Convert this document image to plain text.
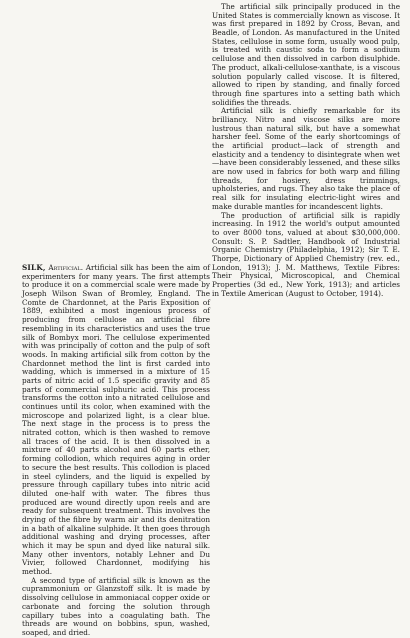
SILK, Artificial. Artificial silk has been the aim of experimenters for many years. The first attempts to produce it on a commercial scale were made by Joseph Wilson Swan of Bromley, England. The Comte de Chardonnet, at the Paris Exposition of 1889, exhibited a most ingenious process of producing from cellulose an artificial fibre resembling in its characteristics and uses the true silk of Bombyx mori. The cellulose experimented with was principally of cotton and the pulp of soft woods. In making artificial silk from cotton by the Chardonnet method the lint is first carded into wadding, which is immersed in a mixture of 15 parts of nitric acid of 1.5 specific gravity and 85 parts of commercial sulphuric acid. This process transforms the cotton into a nitrated cellulose and continues until its color, when examined with the microscope and polarized light, is a clear blue. The next stage in the process is to press the nitrated cotton, which is then washed to remove all traces of the acid. It is then dissolved in a mixture of 40 parts alcohol and 60 parts ether, forming collodion, which requires aging in order to secure the best results. This collodion is placed in steel cylinders, and the liquid is expelled by pressure through capillary tubes into nitric acid diluted one-half with water. The fibres thus produced are wound directly upon reels and are ready for subsequent treatment. This involves the drying of the fibre by warm air and its denitration in a bath of alkaline sulphide. It then goes through additional washing and drying processes, after which it may be spun and dyed like natural silk. Many other inventors, notably Lehner and Du Vivier, followed Chardonnet, modifying his method.

A second type of artificial silk is known as the cuprammonium or Glanzstoff silk. It is made by dissolving cellulose in ammoniacal copper oxide or carbonate and forcing the solution through capillary tubes into a coagulating bath. The threads are wound on bobbins, spun, washed, soaped, and dried.

The artificial silk principally produced in the United States is commercially known as viscose. It was first prepared in 1892 by Cross, Bevan, and Beadle, of London. As manufactured in the United States, cellulose in some form, usually wood pulp, is treated with caustic soda to form a sodium cellulose and then dissolved in carbon disulphide. The product, alkali-cellulose-xanthate, is a viscous solution popularly called viscose. It is filtered, allowed to ripen by standing, and finally forced through fine spartures into a setting bath which solidifies the threads.

Artificial silk is chiefly remarkable for its brilliancy. Nitro and viscose silks are more lustrous than natural silk, but have a somewhat harsher feel. Some of the early shortcomings of the artificial product—lack of strength and elasticity and a tendency to disintegrate when wet—have been considerably lessened, and these silks are now used in fabrics for both warp and filling threads, for hosiery, dress trimmings, upholsteries, and rugs. They also take the place of real silk for insulating electric-light wires and make durable mantles for incandescent lights.

The production of artificial silk is rapidly increasing. In 1912 the world's output amounted to over 8000 tons, valued at about $30,000,000. Consult: S. P. Sadtler, Handbook of Industrial Organic Chemistry (Philadelphia, 1912); Sir T. E. Thorpe, Dictionary of Applied Chemistry (rev. ed., London, 1913); J. M. Matthews, Textile Fibres: Their Physical, Microscopical, and Chemical Properties (3d ed., New York, 1913); and articles in Textile American (August to October, 1914).
